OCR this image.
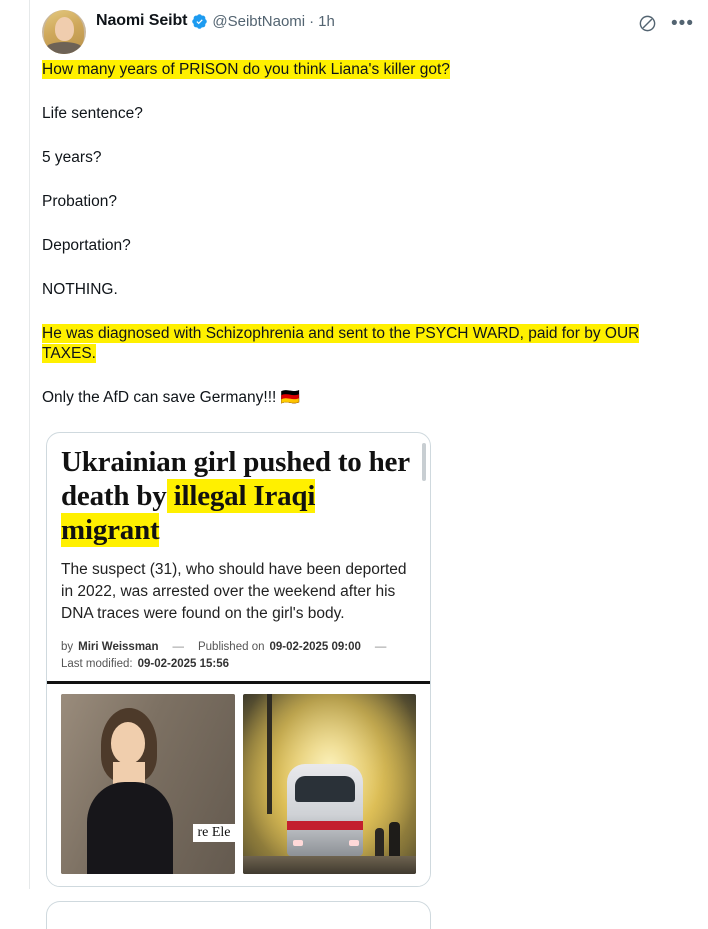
Naomi Seibt @SeibtNaomi · 1h	•••

How many years of PRISON do you think Liana's killer got?

Life sentence?

5 years?

Probation?

Deportation?

NOTHING.

He was diagnosed with Schizophrenia and sent to the PSYCH WARD, paid for by OUR TAXES.

Only the AfD can save Germany!!! 🇩🇪

Ukrainian girl pushed to her death by illegal Iraqi migrant

The suspect (31), who should have been deported in 2022, was arrested over the weekend after his DNA traces were found on the girl's body.

by Miri Weissman — Published on 09-02-2025 09:00 —
Last modified: 09-02-2025 15:56
re Ele
